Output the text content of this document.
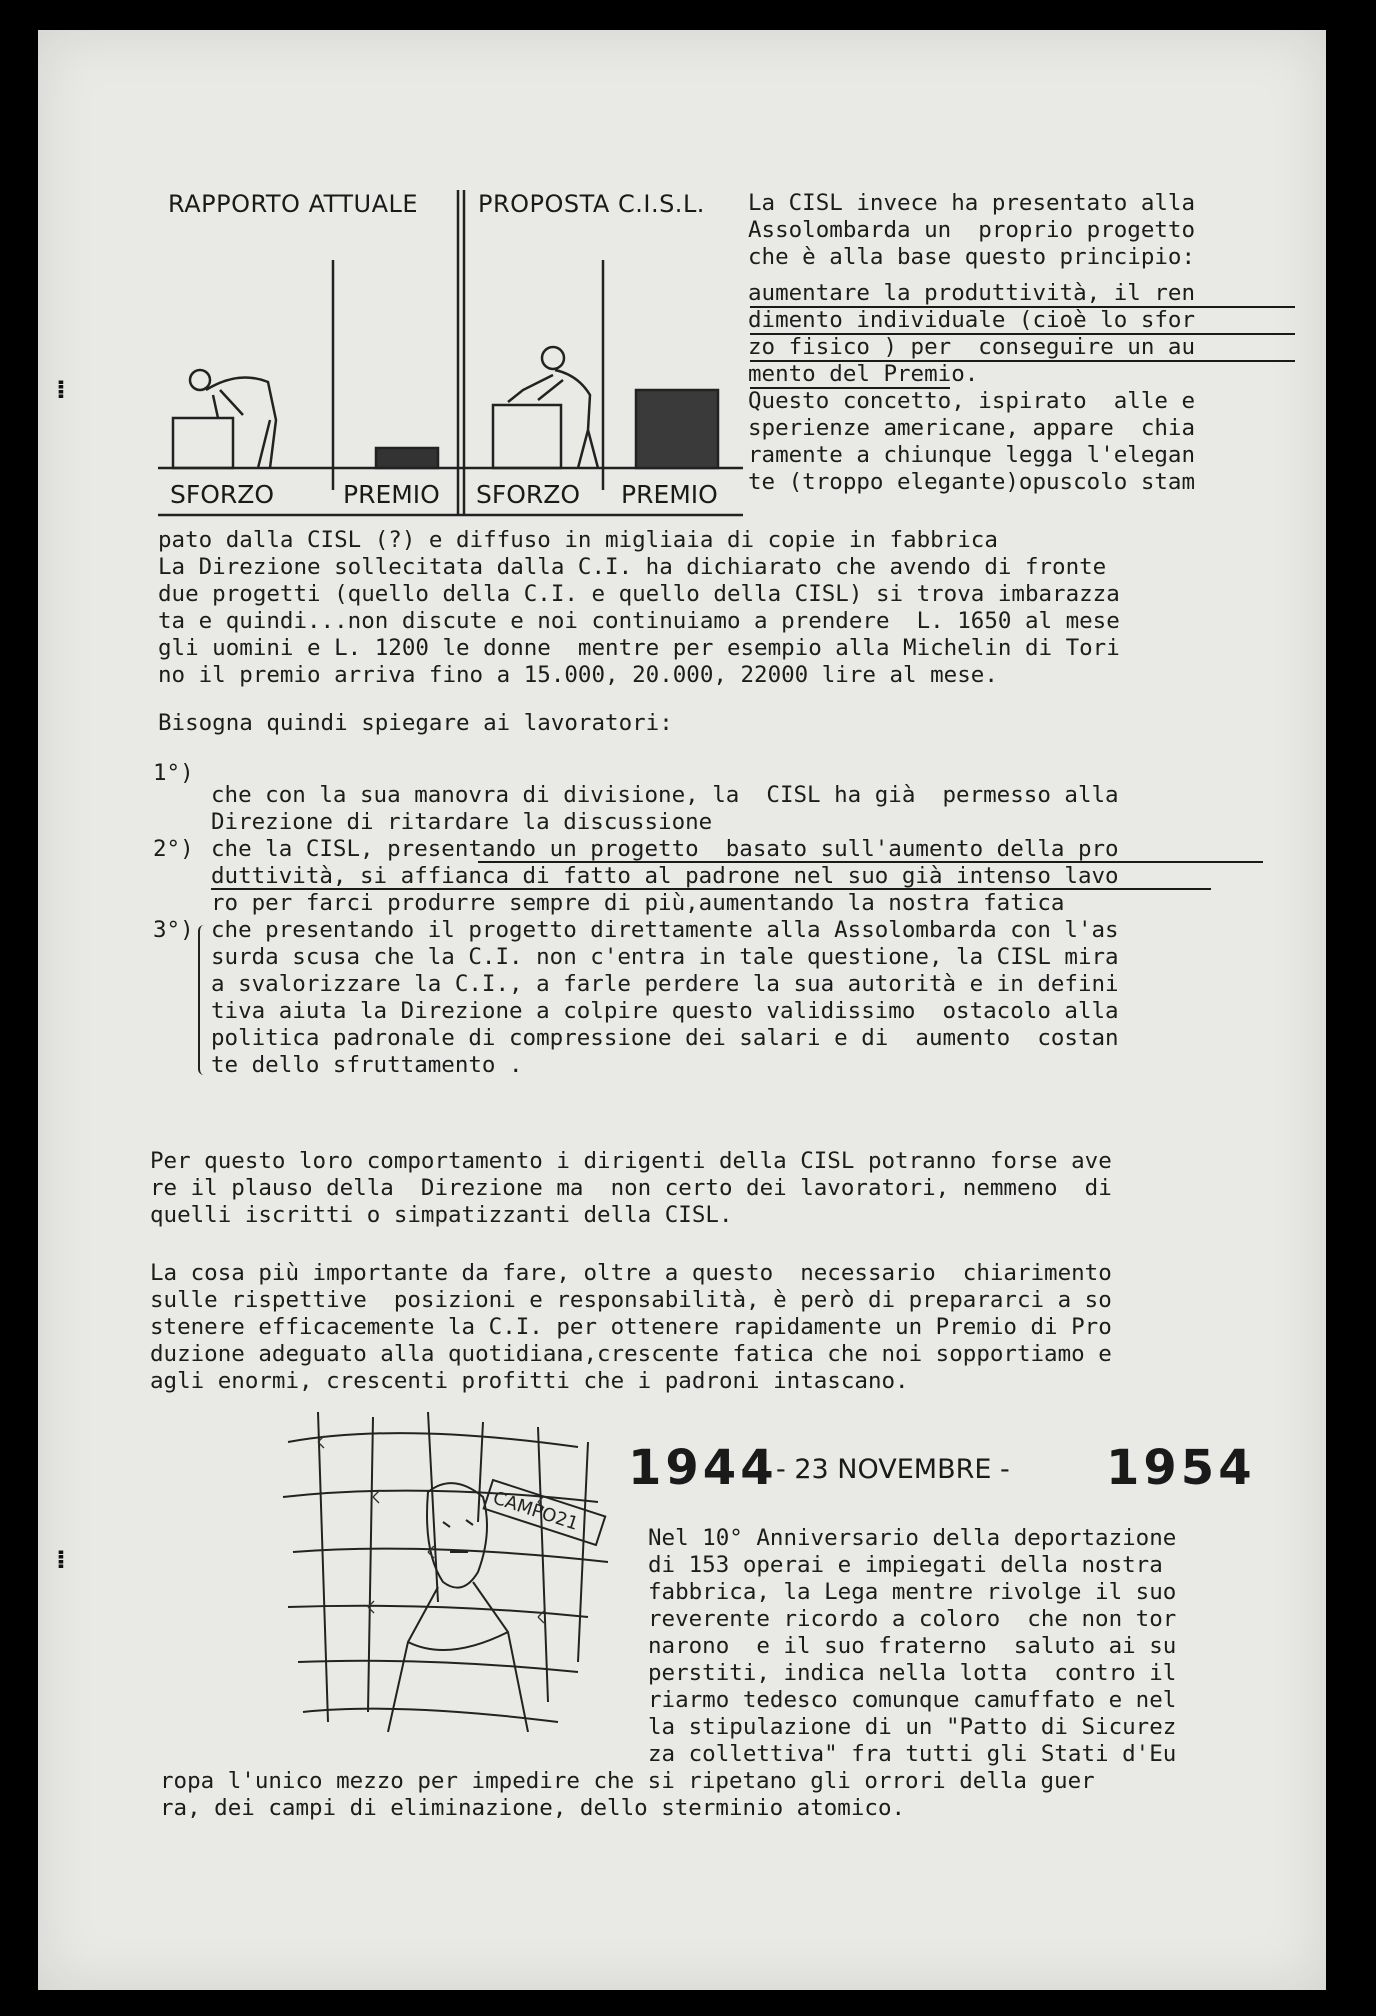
RAPPORTO ATTUALE PROPOSTA C.I.S.L.
SFORZO	PREMIO SFORZO PREMIO
La CISL invece ha presentato alla
Assolombarda un  proprio progetto
che è alla base questo principio:
aumentare la produttività, il ren
dimento individuale (cioè lo sfor
zo fisico ) per  conseguire un au
mento del Premio.
Questo concetto, ispirato  alle e
sperienze americane, appare  chia
ramente a chiunque legga l'elegan
te (troppo elegante)opuscolo stam
pato dalla CISL (?) e diffuso in migliaia di copie in fabbrica
La Direzione sollecitata dalla C.I. ha dichiarato che avendo di fronte
due progetti (quello della C.I. e quello della CISL) si trova imbarazza
ta e quindi...non discute e noi continuiamo a prendere  L. 1650 al mese
gli uomini e L. 1200 le donne  mentre per esempio alla Michelin di Tori
no il premio arriva fino a 15.000, 20.000, 22000 lire al mese.
Bisogna quindi spiegare ai lavoratori:
1°)
che con la sua manovra di divisione, la  CISL ha già  permesso alla
Direzione di ritardare la discussione
2°) che la CISL, presentando un progetto  basato sull'aumento della pro
duttività, si affianca di fatto al padrone nel suo già intenso lavo
ro per farci produrre sempre di più,aumentando la nostra fatica
3°) che presentando il progetto direttamente alla Assolombarda con l'as
surda scusa che la C.I. non c'entra in tale questione, la CISL mira
a svalorizzare la C.I., a farle perdere la sua autorità e in defini
tiva aiuta la Direzione a colpire questo validissimo  ostacolo alla
politica padronale di compressione dei salari e di  aumento  costan
te dello sfruttamento .
Per questo loro comportamento i dirigenti della CISL potranno forse ave
re il plauso della  Direzione ma  non certo dei lavoratori, nemmeno  di
quelli iscritti o simpatizzanti della CISL.
La cosa più importante da fare, oltre a questo  necessario  chiarimento
sulle rispettive  posizioni e responsabilità, è però di prepararci a so
stenere efficacemente la C.I. per ottenere rapidamente un Premio di Pro
duzione adeguato alla quotidiana,crescente fatica che noi sopportiamo e
agli enormi, crescenti profitti che i padroni intascano.
CAMPO21
1944
- 23 NOVEMBRE - 1954
Nel 10° Anniversario della deportazione
di 153 operai e impiegati della nostra
fabbrica, la Lega mentre rivolge il suo
reverente ricordo a coloro  che non tor
narono  e il suo fraterno  saluto ai su
perstiti, indica nella lotta  contro il
riarmo tedesco comunque camuffato e nel
la stipulazione di un "Patto di Sicurez
za collettiva" fra tutti gli Stati d'Eu
ropa l'unico mezzo per impedire che si ripetano gli orrori della guer
ra, dei campi di eliminazione, dello sterminio atomico.
⁞
⁞
